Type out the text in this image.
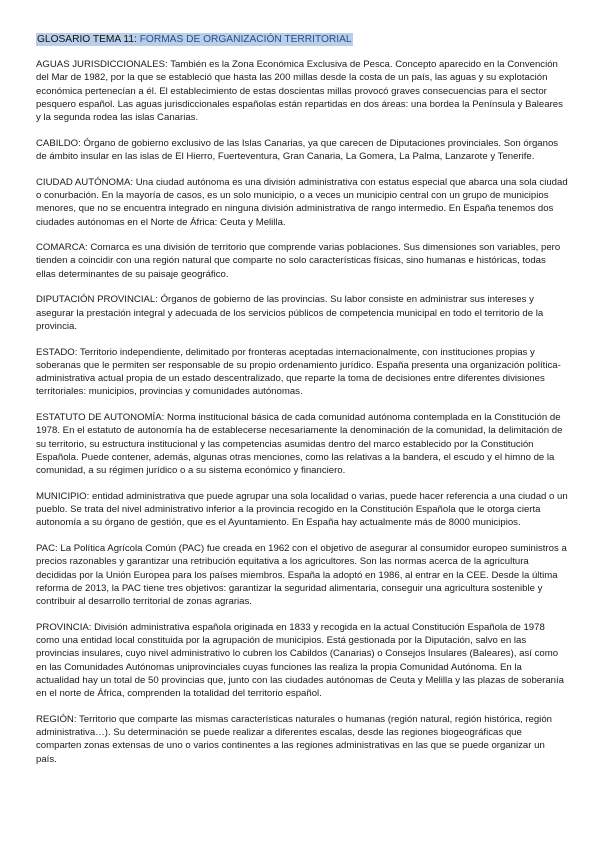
GLOSARIO TEMA 11: FORMAS DE ORGANIZACIÓN TERRITORIAL
AGUAS JURISDICCIONALES: También es la Zona Económica Exclusiva de Pesca. Concepto aparecido en la Convención del Mar de 1982, por la que se estableció que hasta las 200 millas desde la costa de un país, las aguas y su explotación económica pertenecían a él. El establecimiento de estas doscientas millas provocó graves consecuencias para el sector pesquero español. Las aguas jurisdiccionales españolas están repartidas en dos áreas: una bordea la Península y Baleares y la segunda rodea las islas Canarias.
CABILDO: Órgano de gobierno exclusivo de las Islas Canarias, ya que carecen de Diputaciones provinciales. Son órganos de ámbito insular en las islas de El Hierro, Fuerteventura, Gran Canaria, La Gomera, La Palma, Lanzarote y Tenerife.
CIUDAD AUTÓNOMA: Una ciudad autónoma es una división administrativa con estatus especial que abarca una sola ciudad o conurbación. En la mayoría de casos, es un solo municipio, o a veces un municipio central con un grupo de municipios menores, que no se encuentra integrado en ninguna división administrativa de rango intermedio. En España tenemos dos ciudades autónomas en el Norte de África: Ceuta y Melilla.
COMARCA: Comarca es una división de territorio que comprende varias poblaciones. Sus dimensiones son variables, pero tienden a coincidir con una región natural que comparte no solo características físicas, sino humanas e históricas, todas ellas determinantes de su paisaje geográfico.
DIPUTACIÓN PROVINCIAL: Órganos de gobierno de las provincias. Su labor consiste en administrar sus intereses y asegurar la prestación integral y adecuada de los servicios públicos de competencia municipal en todo el territorio de la provincia.
ESTADO: Territorio independiente, delimitado por fronteras aceptadas internacionalmente, con instituciones propias y soberanas que le permiten ser responsable de su propio ordenamiento jurídico. España presenta una organización política-administrativa actual propia de un estado descentralizado, que reparte la toma de decisiones entre diferentes divisiones territoriales: municipios, provincias y comunidades autónomas.
ESTATUTO DE AUTONOMÍA: Norma institucional básica de cada comunidad autónoma contemplada en la Constitución de 1978. En el estatuto de autonomía ha de establecerse necesariamente la denominación de la comunidad, la delimitación de su territorio, su estructura institucional y las competencias asumidas dentro del marco establecido por la Constitución Española. Puede contener, además, algunas otras menciones, como las relativas a la bandera, el escudo y el himno de la comunidad, a su régimen jurídico o a su sistema económico y financiero.
MUNICIPIO: entidad administrativa que puede agrupar una sola localidad o varias, puede hacer referencia a una ciudad o un pueblo. Se trata del nivel administrativo inferior a la provincia recogido en la Constitución Española que le otorga cierta autonomía a su órgano de gestión, que es el Ayuntamiento. En España hay actualmente más de 8000 municipios.
PAC: La Política Agrícola Común (PAC) fue creada en 1962 con el objetivo de asegurar al consumidor europeo suministros a precios razonables y garantizar una retribución equitativa a los agricultores. Son las normas acerca de la agricultura decididas por la Unión Europea para los países miembros. España la adoptó en 1986, al entrar en la CEE. Desde la última reforma de 2013, la PAC tiene tres objetivos: garantizar la seguridad alimentaria, conseguir una agricultura sostenible y contribuir al desarrollo territorial de zonas agrarias.
PROVINCIA: División administrativa española originada en 1833 y recogida en la actual Constitución Española de 1978 como una entidad local constituida por la agrupación de municipios. Está gestionada por la Diputación, salvo en las provincias insulares, cuyo nivel administrativo lo cubren los Cabildos (Canarias) o Consejos Insulares (Baleares), así como en las Comunidades Autónomas uniprovinciales cuyas funciones las realiza la propia Comunidad Autónoma. En la actualidad hay un total de 50 provincias que, junto con las ciudades autónomas de Ceuta y Melilla y las plazas de soberanía en el norte de África, comprenden la totalidad del territorio español.
REGIÓN: Territorio que comparte las mismas características naturales o humanas (región natural, región histórica, región administrativa…). Su determinación se puede realizar a diferentes escalas, desde las regiones biogeográficas que comparten zonas extensas de uno o varios continentes a las regiones administrativas en las que se puede organizar un país.
